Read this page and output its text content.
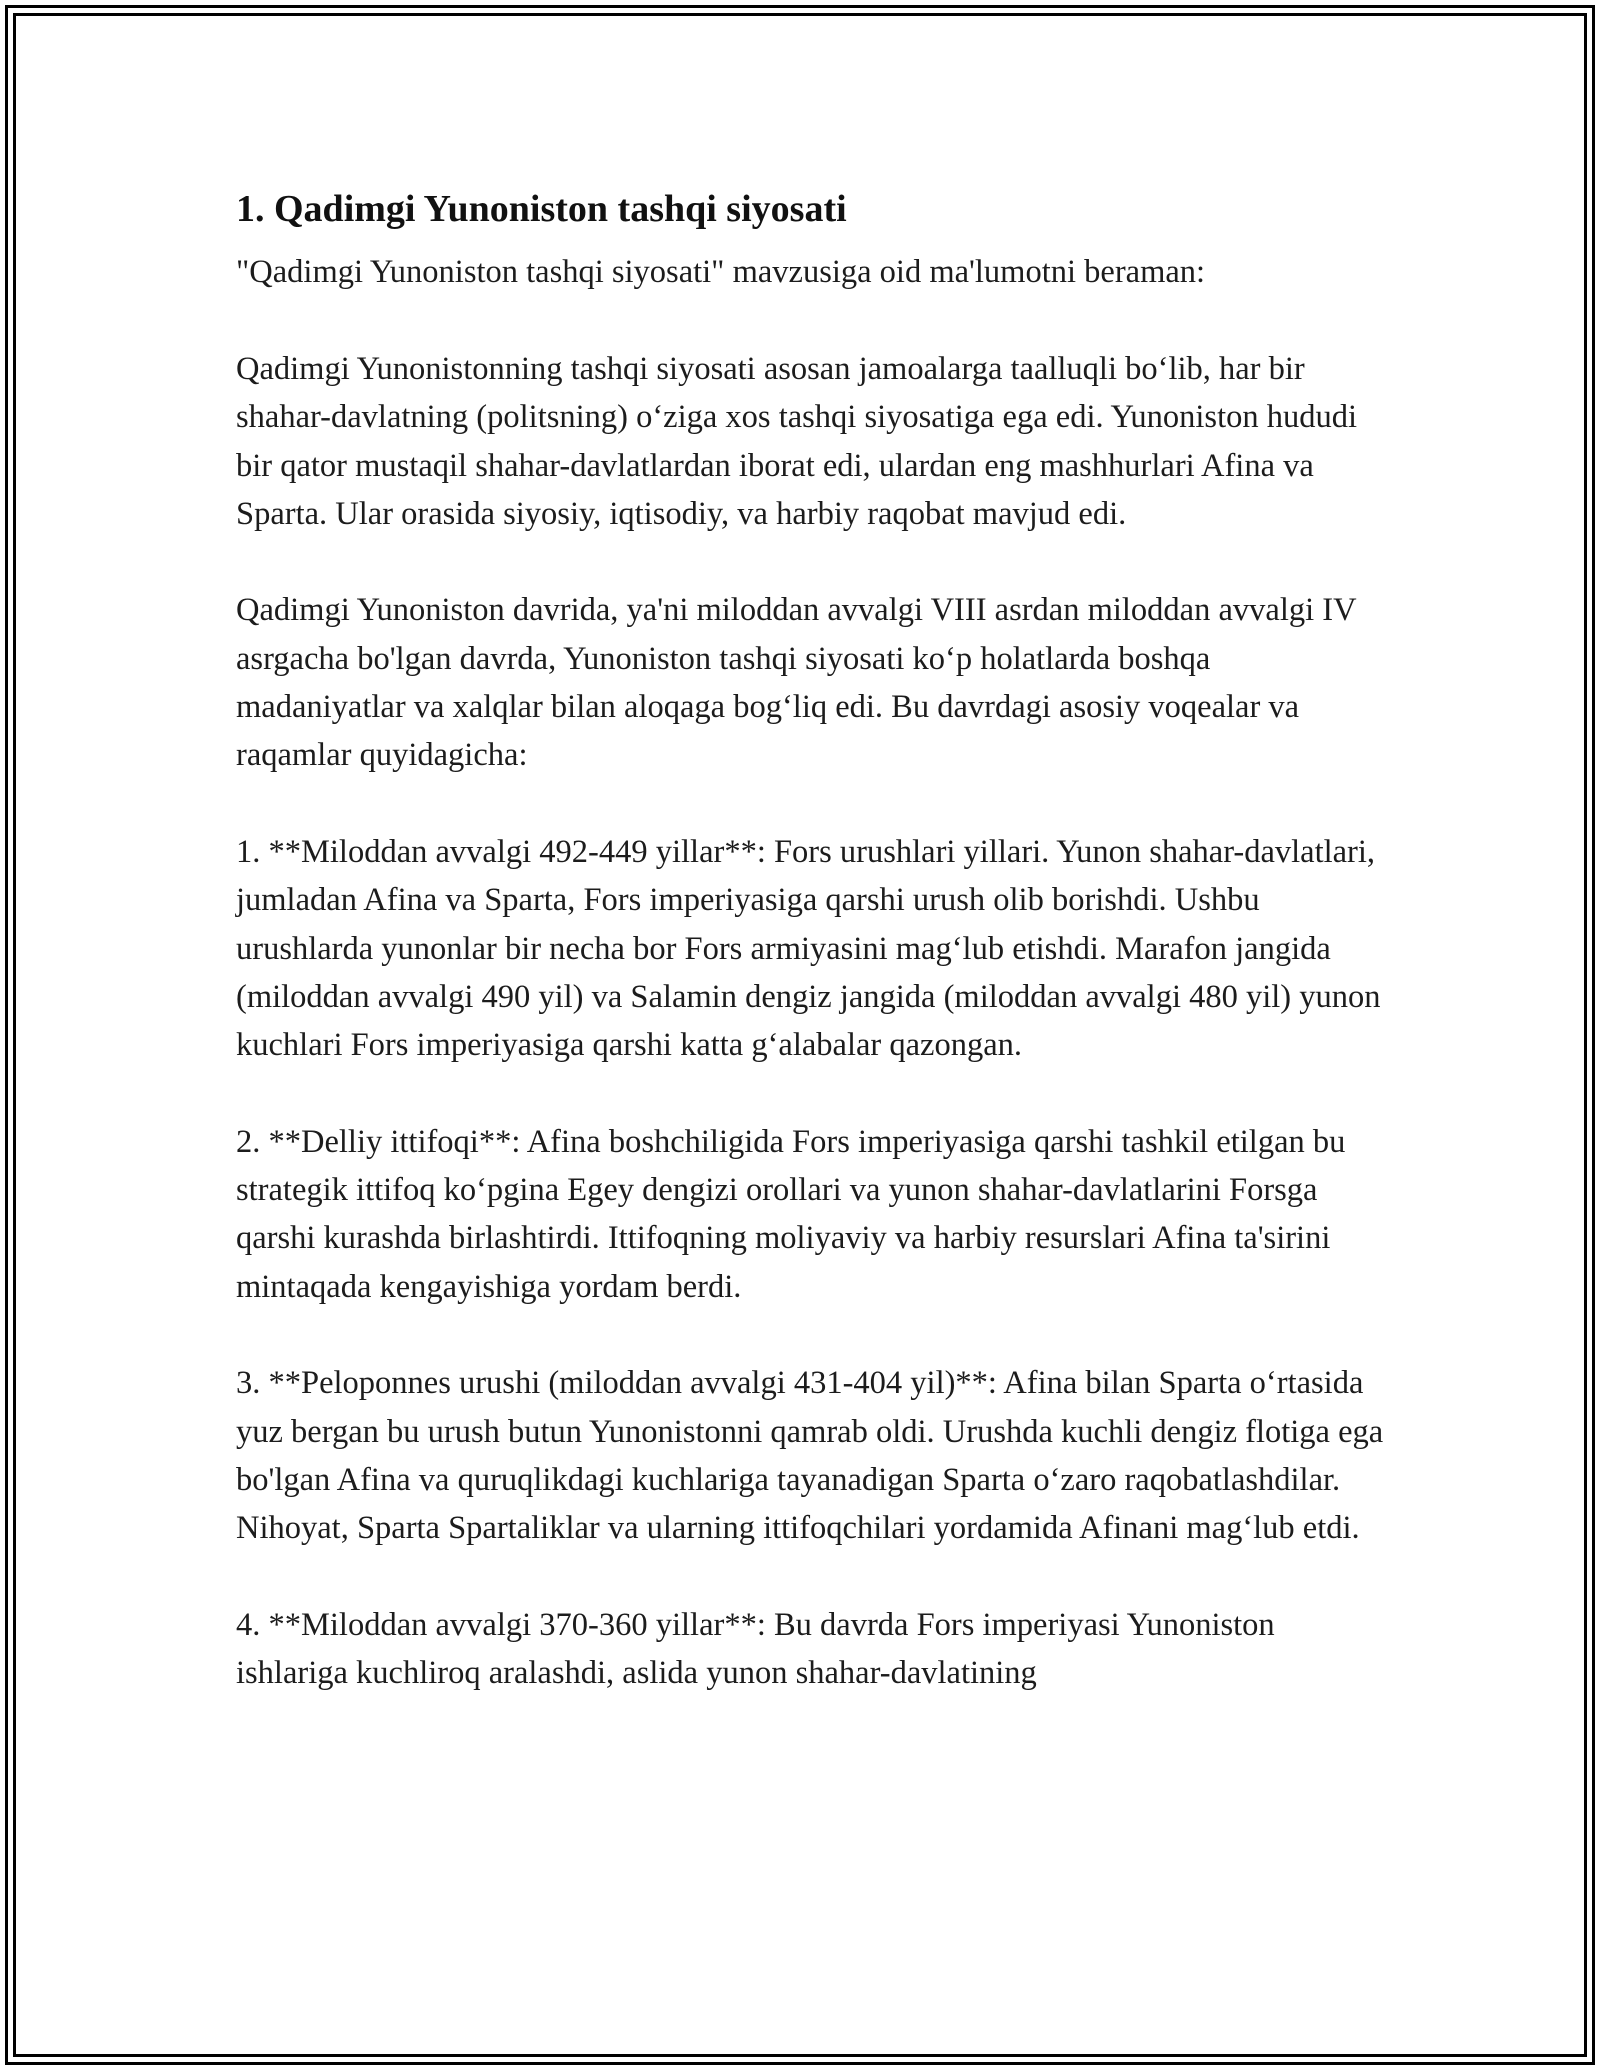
1. Qadimgi Yunoniston tashqi siyosati

"Qadimgi Yunoniston tashqi siyosati" mavzusiga oid ma'lumotni beraman:

Qadimgi Yunonistonning tashqi siyosati asosan jamoalarga taalluqli bo‘lib, har bir shahar-davlatning (politsning) o‘ziga xos tashqi siyosatiga ega edi. Yunoniston hududi bir qator mustaqil shahar-davlatlardan iborat edi, ulardan eng mashhurlari Afina va Sparta. Ular orasida siyosiy, iqtisodiy, va harbiy raqobat mavjud edi.

Qadimgi Yunoniston davrida, ya'ni miloddan avvalgi VIII asrdan miloddan avvalgi IV asrgacha bo'lgan davrda, Yunoniston tashqi siyosati ko‘p holatlarda boshqa madaniyatlar va xalqlar bilan aloqaga bog‘liq edi. Bu davrdagi asosiy voqealar va raqamlar quyidagicha:

1. **Miloddan avvalgi 492-449 yillar**: Fors urushlari yillari. Yunon shahar-davlatlari, jumladan Afina va Sparta, Fors imperiyasiga qarshi urush olib borishdi. Ushbu urushlarda yunonlar bir necha bor Fors armiyasini mag‘lub etishdi. Marafon jangida (miloddan avvalgi 490 yil) va Salamin dengiz jangida (miloddan avvalgi 480 yil) yunon kuchlari Fors imperiyasiga qarshi katta g‘alabalar qazongan.

2. **Delliy ittifoqi**: Afina boshchiligida Fors imperiyasiga qarshi tashkil etilgan bu strategik ittifoq ko‘pgina Egey dengizi orollari va yunon shahar-davlatlarini Forsga qarshi kurashda birlashtirdi. Ittifoqning moliyaviy va harbiy resurslari Afina ta'sirini mintaqada kengayishiga yordam berdi.

3. **Peloponnes urushi (miloddan avvalgi 431-404 yil)**: Afina bilan Sparta o‘rtasida yuz bergan bu urush butun Yunonistonni qamrab oldi. Urushda kuchli dengiz flotiga ega bo'lgan Afina va quruqlikdagi kuchlariga tayanadigan Sparta o‘zaro raqobatlashdilar. Nihoyat, Sparta Spartaliklar va ularning ittifoqchilari yordamida Afinani mag‘lub etdi.

4. **Miloddan avvalgi 370-360 yillar**: Bu davrda Fors imperiyasi Yunoniston ishlariga kuchliroq aralashdi, aslida yunon shahar-davlatining
